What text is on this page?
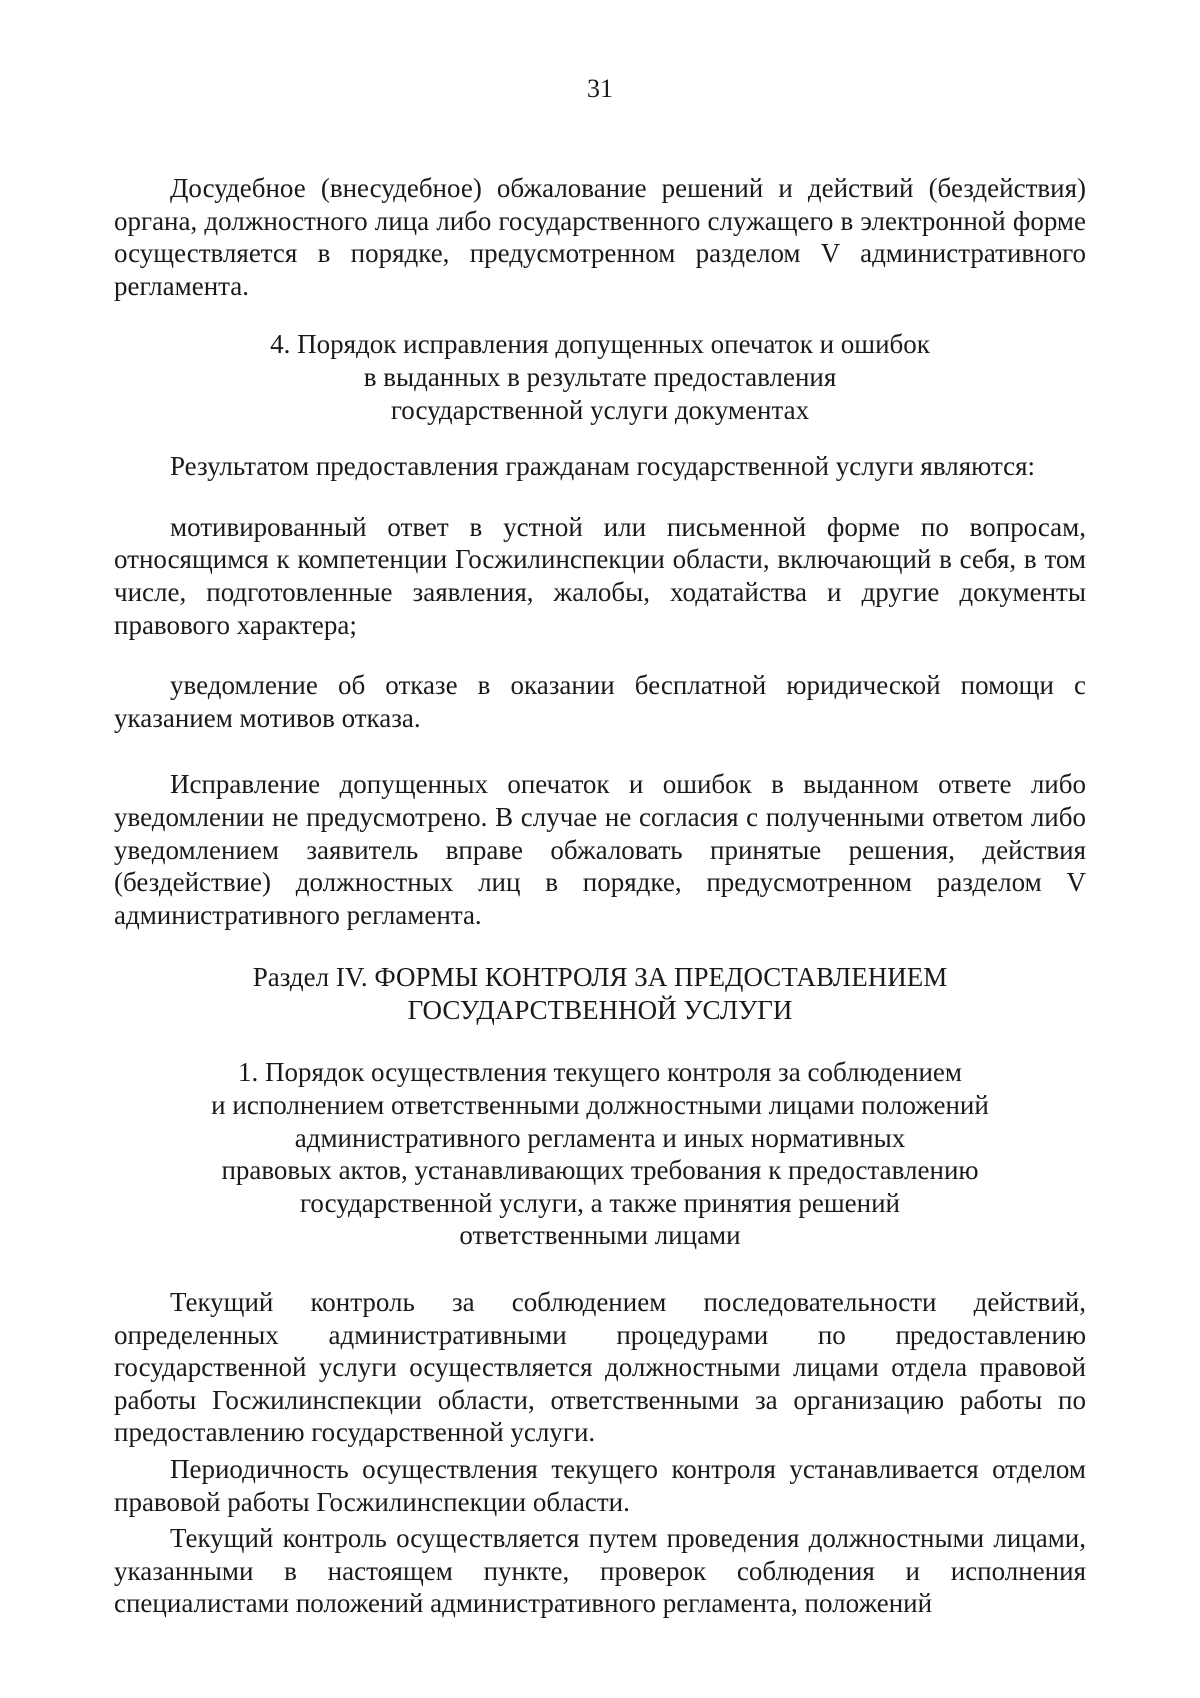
31

Досудебное (внесудебное) обжалование решений и действий (бездействия) органа, должностного лица либо государственного служащего в электронной форме осуществляется в порядке, предусмотренном разделом V административного регламента.

4. Порядок исправления допущенных опечаток и ошибок
в выданных в результате предоставления
государственной услуги документах

Результатом предоставления гражданам государственной услуги являются:

мотивированный ответ в устной или письменной форме по вопросам, относящимся к компетенции Госжилинспекции области, включающий в себя, в том числе, подготовленные заявления, жалобы, ходатайства и другие документы правового характера;

уведомление об отказе в оказании бесплатной юридической помощи с указанием мотивов отказа.

Исправление допущенных опечаток и ошибок в выданном ответе либо уведомлении не предусмотрено. В случае не согласия с полученными ответом либо уведомлением заявитель вправе обжаловать принятые решения, действия (бездействие) должностных лиц в порядке, предусмотренном разделом V административного регламента.

Раздел IV. ФОРМЫ КОНТРОЛЯ ЗА ПРЕДОСТАВЛЕНИЕМ
ГОСУДАРСТВЕННОЙ УСЛУГИ
1. Порядок осуществления текущего контроля за соблюдением
и исполнением ответственными должностными лицами положений
административного регламента и иных нормативных
правовых актов, устанавливающих требования к предоставлению
государственной услуги, а также принятия решений
ответственными лицами

Текущий контроль за соблюдением последовательности действий, определенных административными процедурами по предоставлению государственной услуги осуществляется должностными лицами отдела правовой работы Госжилинспекции области, ответственными за организацию работы по предоставлению государственной услуги.

Периодичность осуществления текущего контроля устанавливается отделом правовой работы Госжилинспекции области.

Текущий контроль осуществляется путем проведения должностными лицами, указанными в настоящем пункте, проверок соблюдения и исполнения специалистами положений административного регламента, положений
